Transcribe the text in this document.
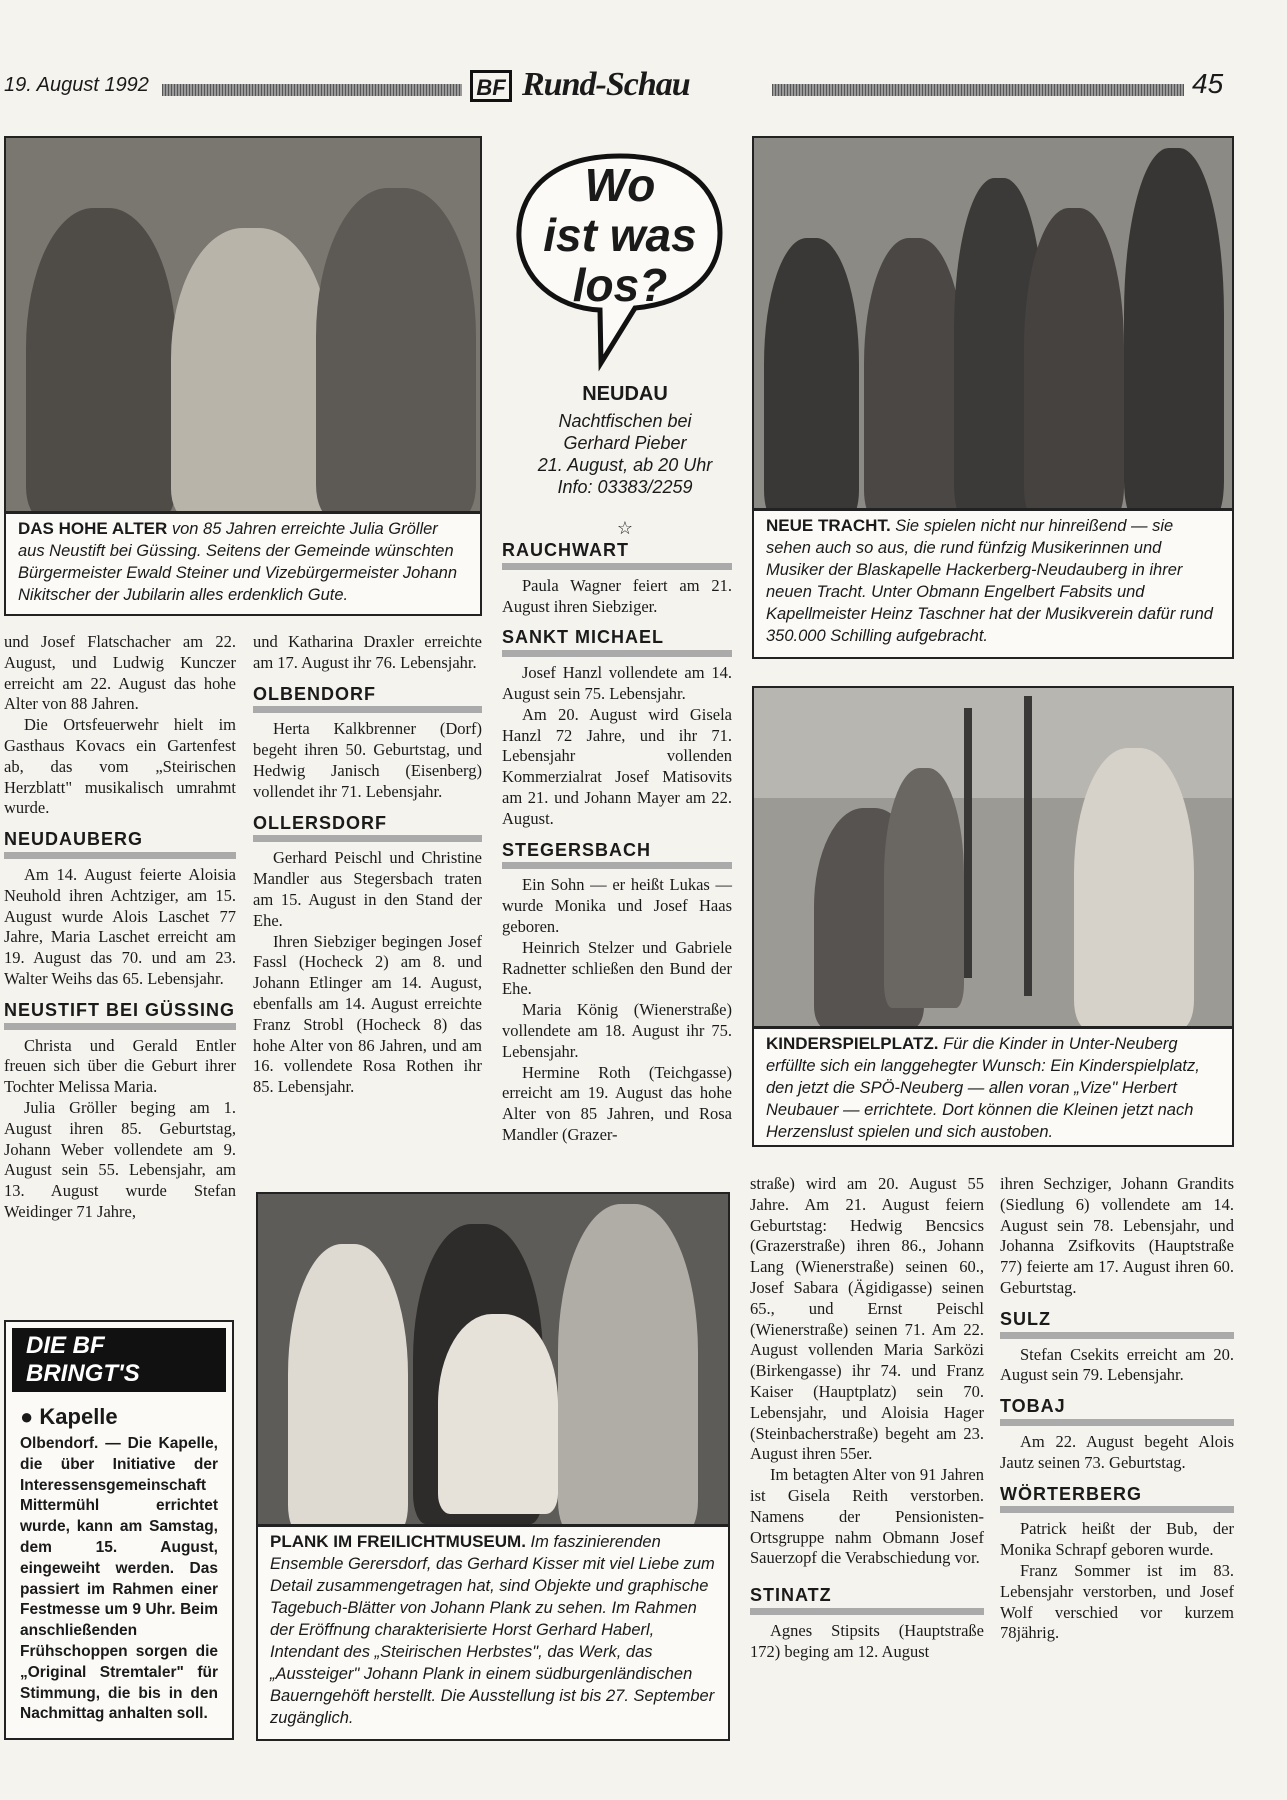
19. August 1992	BF Rund-Schau	45
DAS HOHE ALTER von 85 Jahren erreichte Julia Gröller aus Neustift bei Güssing. Seitens der Gemeinde wünschten Bürgermeister Ewald Steiner und Vizebürgermeister Johann Nikitscher der Jubilarin alles erdenklich Gute.
Wo
ist was
los?
NEUDAU
Nachtfischen bei
Gerhard Pieber
21. August, ab 20 Uhr
Info: 03383/2259
☆	NEUE TRACHT. Sie spielen nicht nur hinreißend — sie sehen auch so aus, die rund fünfzig Musikerinnen und Musiker der Blaskapelle Hackerberg-Neudauberg in ihrer neuen Tracht. Unter Obmann Engelbert Fabsits und Kapellmeister Heinz Taschner hat der Musikverein dafür rund 350.000 Schilling aufgebracht.
KINDERSPIELPLATZ. Für die Kinder in Unter-Neuberg erfüllte sich ein langgehegter Wunsch: Ein Kinderspielplatz, den jetzt die SPÖ-Neuberg — allen voran „Vize" Herbert Neubauer — errichtete. Dort können die Kleinen jetzt nach Herzenslust spielen und sich austoben.
PLANK IM FREILICHTMUSEUM. Im faszinierenden Ensemble Gerersdorf, das Gerhard Kisser mit viel Liebe zum Detail zusammengetragen hat, sind Objekte und graphische Tagebuch-Blätter von Johann Plank zu sehen. Im Rahmen der Eröffnung charakterisierte Horst Gerhard Haberl, Intendant des „Steirischen Herbstes", das Werk, das „Aussteiger" Johann Plank in einem südburgenländischen Bauerngehöft herstellt. Die Ausstellung ist bis 27. September zugänglich.

und Josef Flatschacher am 22. August, und Ludwig Kunczer erreicht am 22. August das hohe Alter von 88 Jahren.

Die Ortsfeuerwehr hielt im Gasthaus Kovacs ein Gartenfest ab, das vom „Steirischen Herzblatt" musikalisch umrahmt wurde.

NEUDAUBERG

Am 14. August feierte Aloisia Neuhold ihren Achtziger, am 15. August wurde Alois Laschet 77 Jahre, Maria Laschet erreicht am 19. August das 70. und am 23. Walter Weihs das 65. Lebensjahr.

NEUSTIFT BEI GÜSSING

Christa und Gerald Entler freuen sich über die Geburt ihrer Tochter Melissa Maria.

Julia Gröller beging am 1. August ihren 85. Geburtstag, Johann Weber vollendete am 9. August sein 55. Lebensjahr, am 13. August wurde Stefan Weidinger 71 Jahre,

und Katharina Draxler erreichte am 17. August ihr 76. Lebensjahr.

OLBENDORF

Herta Kalkbrenner (Dorf) begeht ihren 50. Geburtstag, und Hedwig Janisch (Eisenberg) vollendet ihr 71. Lebensjahr.

OLLERSDORF

Gerhard Peischl und Christine Mandler aus Stegersbach traten am 15. August in den Stand der Ehe.

Ihren Siebziger begingen Josef Fassl (Hocheck 2) am 8. und Johann Etlinger am 14. August, ebenfalls am 14. August erreichte Franz Strobl (Hocheck 8) das hohe Alter von 86 Jahren, und am 16. vollendete Rosa Rothen ihr 85. Lebensjahr.

RAUCHWART

Paula Wagner feiert am 21. August ihren Siebziger.

SANKT MICHAEL

Josef Hanzl vollendete am 14. August sein 75. Lebensjahr.

Am 20. August wird Gisela Hanzl 72 Jahre, und ihr 71. Lebensjahr vollenden Kommerzialrat Josef Matisovits am 21. und Johann Mayer am 22. August.

STEGERSBACH

Ein Sohn — er heißt Lukas — wurde Monika und Josef Haas geboren.

Heinrich Stelzer und Gabriele Radnetter schließen den Bund der Ehe.

Maria König (Wienerstraße) vollendete am 18. August ihr 75. Lebensjahr.

Hermine Roth (Teichgasse) erreicht am 19. August das hohe Alter von 85 Jahren, und Rosa Mandler (Grazer-

straße) wird am 20. August 55 Jahre. Am 21. August feiern Geburtstag: Hedwig Bencsics (Grazerstraße) ihren 86., Johann Lang (Wienerstraße) seinen 60., Josef Sabara (Ägidigasse) seinen 65., und Ernst Peischl (Wienerstraße) seinen 71. Am 22. August vollenden Maria Sarközi (Birkengasse) ihr 74. und Franz Kaiser (Hauptplatz) sein 70. Lebensjahr, und Aloisia Hager (Steinbacherstraße) begeht am 23. August ihren 55er.

Im betagten Alter von 91 Jahren ist Gisela Reith verstorben. Namens der Pensionisten-Ortsgruppe nahm Obmann Josef Sauerzopf die Verabschiedung vor.

STINATZ

Agnes Stipsits (Hauptstraße 172) beging am 12. August

ihren Sechziger, Johann Grandits (Siedlung 6) vollendete am 14. August sein 78. Lebensjahr, und Johanna Zsifkovits (Hauptstraße 77) feierte am 17. August ihren 60. Geburtstag.

SULZ

Stefan Csekits erreicht am 20. August sein 79. Lebensjahr.

TOBAJ

Am 22. August begeht Alois Jautz seinen 73. Geburtstag.

WÖRTERBERG

Patrick heißt der Bub, der Monika Schrapf geboren wurde.

Franz Sommer ist im 83. Lebensjahr verstorben, und Josef Wolf verschied vor kurzem 78jährig.

DIE BF BRINGT'S
● Kapelle
Olbendorf. — Die Kapelle, die über Initiative der Interessensgemeinschaft Mittermühl errichtet wurde, kann am Samstag, dem 15. August, eingeweiht werden. Das passiert im Rahmen einer Festmesse um 9 Uhr. Beim anschließenden Frühschoppen sorgen die „Original Stremtaler" für Stimmung, die bis in den Nachmittag anhalten soll.
